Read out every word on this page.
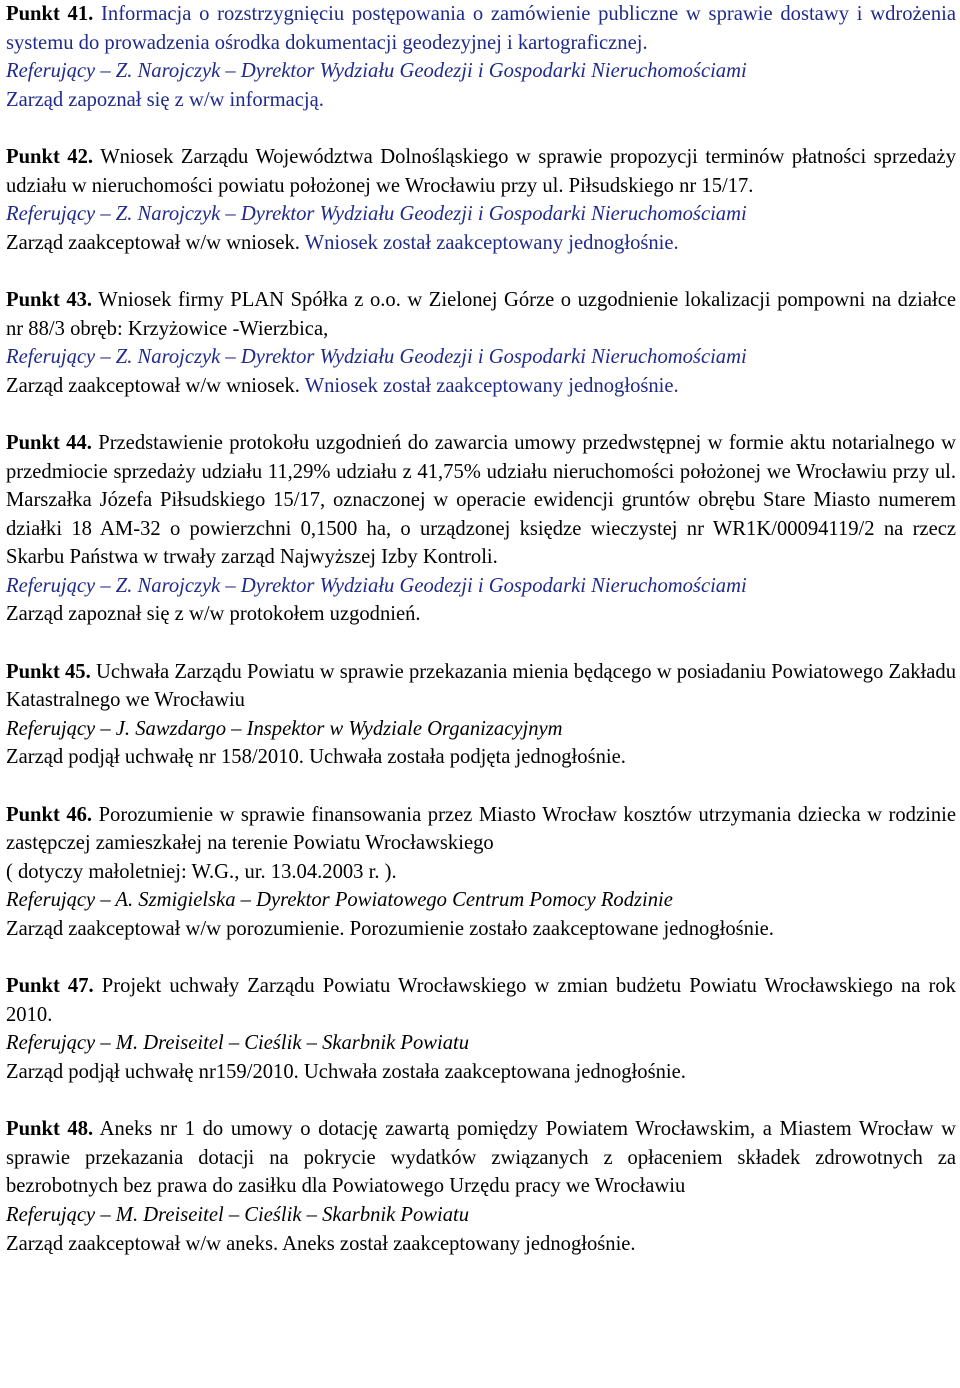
Punkt 41. Informacja o rozstrzygnięciu postępowania o zamówienie publiczne w sprawie dostawy i wdrożenia systemu do prowadzenia ośrodka dokumentacji geodezyjnej i kartograficznej.
Referujący – Z. Narojczyk – Dyrektor Wydziału Geodezji i Gospodarki Nieruchomościami
Zarząd zapoznał się z w/w informacją.
Punkt 42. Wniosek Zarządu Województwa Dolnośląskiego w sprawie propozycji terminów płatności sprzedaży udziału w nieruchomości powiatu położonej we Wrocławiu przy ul. Piłsudskiego nr 15/17.
Referujący – Z. Narojczyk – Dyrektor Wydziału Geodezji i Gospodarki Nieruchomościami
Zarząd zaakceptował w/w wniosek. Wniosek został zaakceptowany jednogłośnie.
Punkt 43. Wniosek firmy PLAN Spółka z o.o. w Zielonej Górze o uzgodnienie lokalizacji pompowni na działce nr 88/3 obręb: Krzyżowice -Wierzbica,
Referujący – Z. Narojczyk – Dyrektor Wydziału Geodezji i Gospodarki Nieruchomościami
Zarząd zaakceptował w/w wniosek. Wniosek został zaakceptowany jednogłośnie.
Punkt 44. Przedstawienie protokołu uzgodnień do zawarcia umowy przedwstępnej w formie aktu notarialnego w przedmiocie sprzedaży udziału 11,29% udziału z 41,75% udziału nieruchomości położonej we Wrocławiu przy ul. Marszałka Józefa Piłsudskiego 15/17, oznaczonej w operacie ewidencji gruntów obrębu Stare Miasto numerem działki 18 AM-32 o powierzchni 0,1500 ha, o urządzonej księdze wieczystej nr WR1K/00094119/2 na rzecz Skarbu Państwa w trwały zarząd Najwyższej Izby Kontroli.
Referujący – Z. Narojczyk – Dyrektor Wydziału Geodezji i Gospodarki Nieruchomościami
Zarząd zapoznał się z w/w protokołem uzgodnień.
Punkt 45. Uchwała Zarządu Powiatu w sprawie przekazania mienia będącego w posiadaniu Powiatowego Zakładu Katastralnego we Wrocławiu
Referujący – J. Sawzdargo – Inspektor w Wydziale Organizacyjnym
Zarząd podjął uchwałę nr 158/2010. Uchwała została podjęta jednogłośnie.
Punkt 46. Porozumienie w sprawie finansowania przez Miasto Wrocław kosztów utrzymania dziecka w rodzinie zastępczej zamieszkałej na terenie Powiatu Wrocławskiego
( dotyczy małoletniej: W.G., ur. 13.04.2003 r. ).
Referujący – A. Szmigielska – Dyrektor Powiatowego Centrum Pomocy Rodzinie
Zarząd zaakceptował w/w porozumienie. Porozumienie zostało zaakceptowane jednogłośnie.
Punkt 47. Projekt uchwały Zarządu Powiatu Wrocławskiego w zmian budżetu Powiatu Wrocławskiego na rok 2010.
Referujący – M. Dreiseitel – Cieślik – Skarbnik Powiatu
Zarząd podjął uchwałę nr159/2010. Uchwała została zaakceptowana jednogłośnie.
Punkt 48. Aneks nr 1 do umowy o dotację zawartą pomiędzy Powiatem Wrocławskim, a Miastem Wrocław w sprawie przekazania dotacji na pokrycie wydatków związanych z opłaceniem składek zdrowotnych za bezrobotnych bez prawa do zasiłku dla Powiatowego Urzędu pracy we Wrocławiu
Referujący – M. Dreiseitel – Cieślik – Skarbnik Powiatu
Zarząd zaakceptował w/w aneks. Aneks został zaakceptowany jednogłośnie.
